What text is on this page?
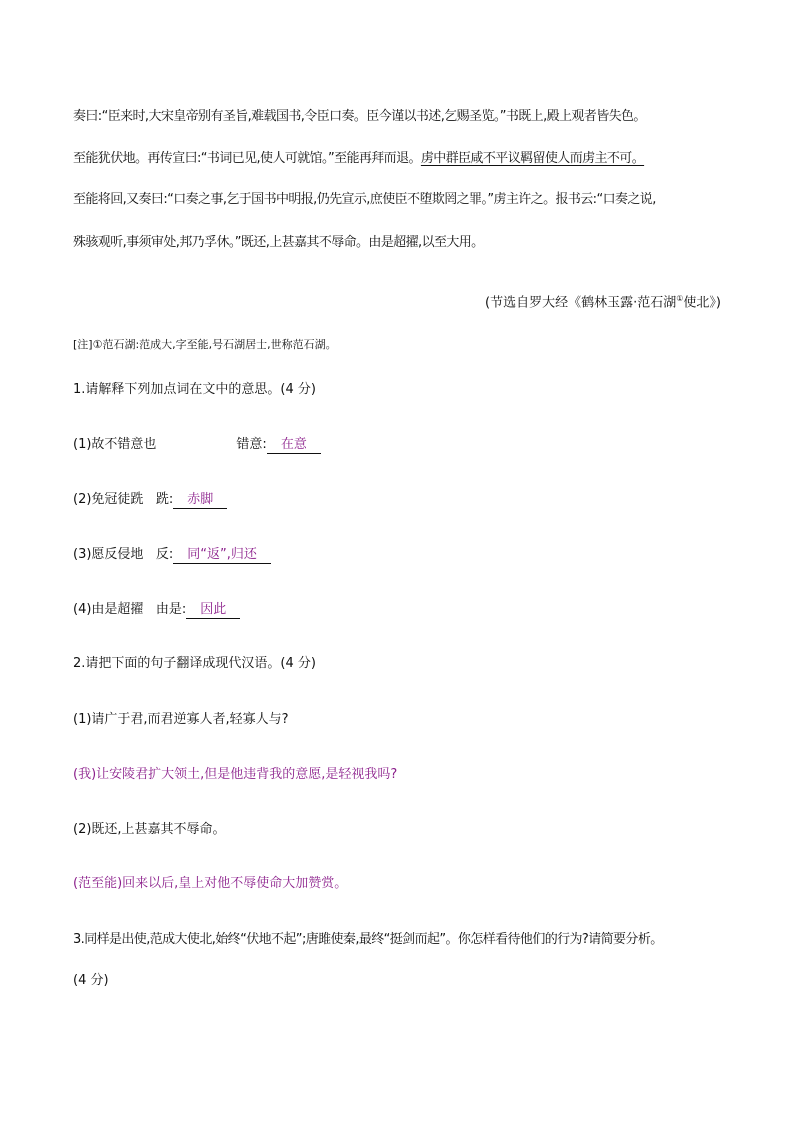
奏曰:“臣来时,大宋皇帝别有圣旨,难载国书,令臣口奏。臣今谨以书述,乞赐圣览。”书既上,殿上观者皆失色。
至能犹伏地。再传宣曰:“书词已见,使人可就馆。”至能再拜而退。虏中群臣咸不平议羁留使人而虏主不可。
至能将回,又奏曰:“口奏之事,乞于国书中明报,仍先宣示,庶使臣不堕欺罔之罪。”虏主许之。报书云:“口奏之说,
殊骇观听,事须审处,邦乃孚休。”既还,上甚嘉其不辱命。由是超擢,以至大用。
(节选自罗大经《鹤林玉露·范石湖①使北》)
[注]①范石湖:范成大,字至能,号石湖居士,世称范石湖。
1.请解释下列加点词在文中的意思。(4 分)
(1)故不错意也	错意: 在意
(2)免冠徒跣 跣: 赤脚
(3)愿反侵地 反: 同“返”,归还
(4)由是超擢 由是: 因此
2.请把下面的句子翻译成现代汉语。(4 分)
(1)请广于君,而君逆寡人者,轻寡人与?
(我)让安陵君扩大领土,但是他违背我的意愿,是轻视我吗?
(2)既还,上甚嘉其不辱命。
(范至能)回来以后,皇上对他不辱使命大加赞赏。
3.同样是出使,范成大使北,始终“伏地不起”;唐雎使秦,最终“挺剑而起”。你怎样看待他们的行为?请简要分析。
(4 分)
